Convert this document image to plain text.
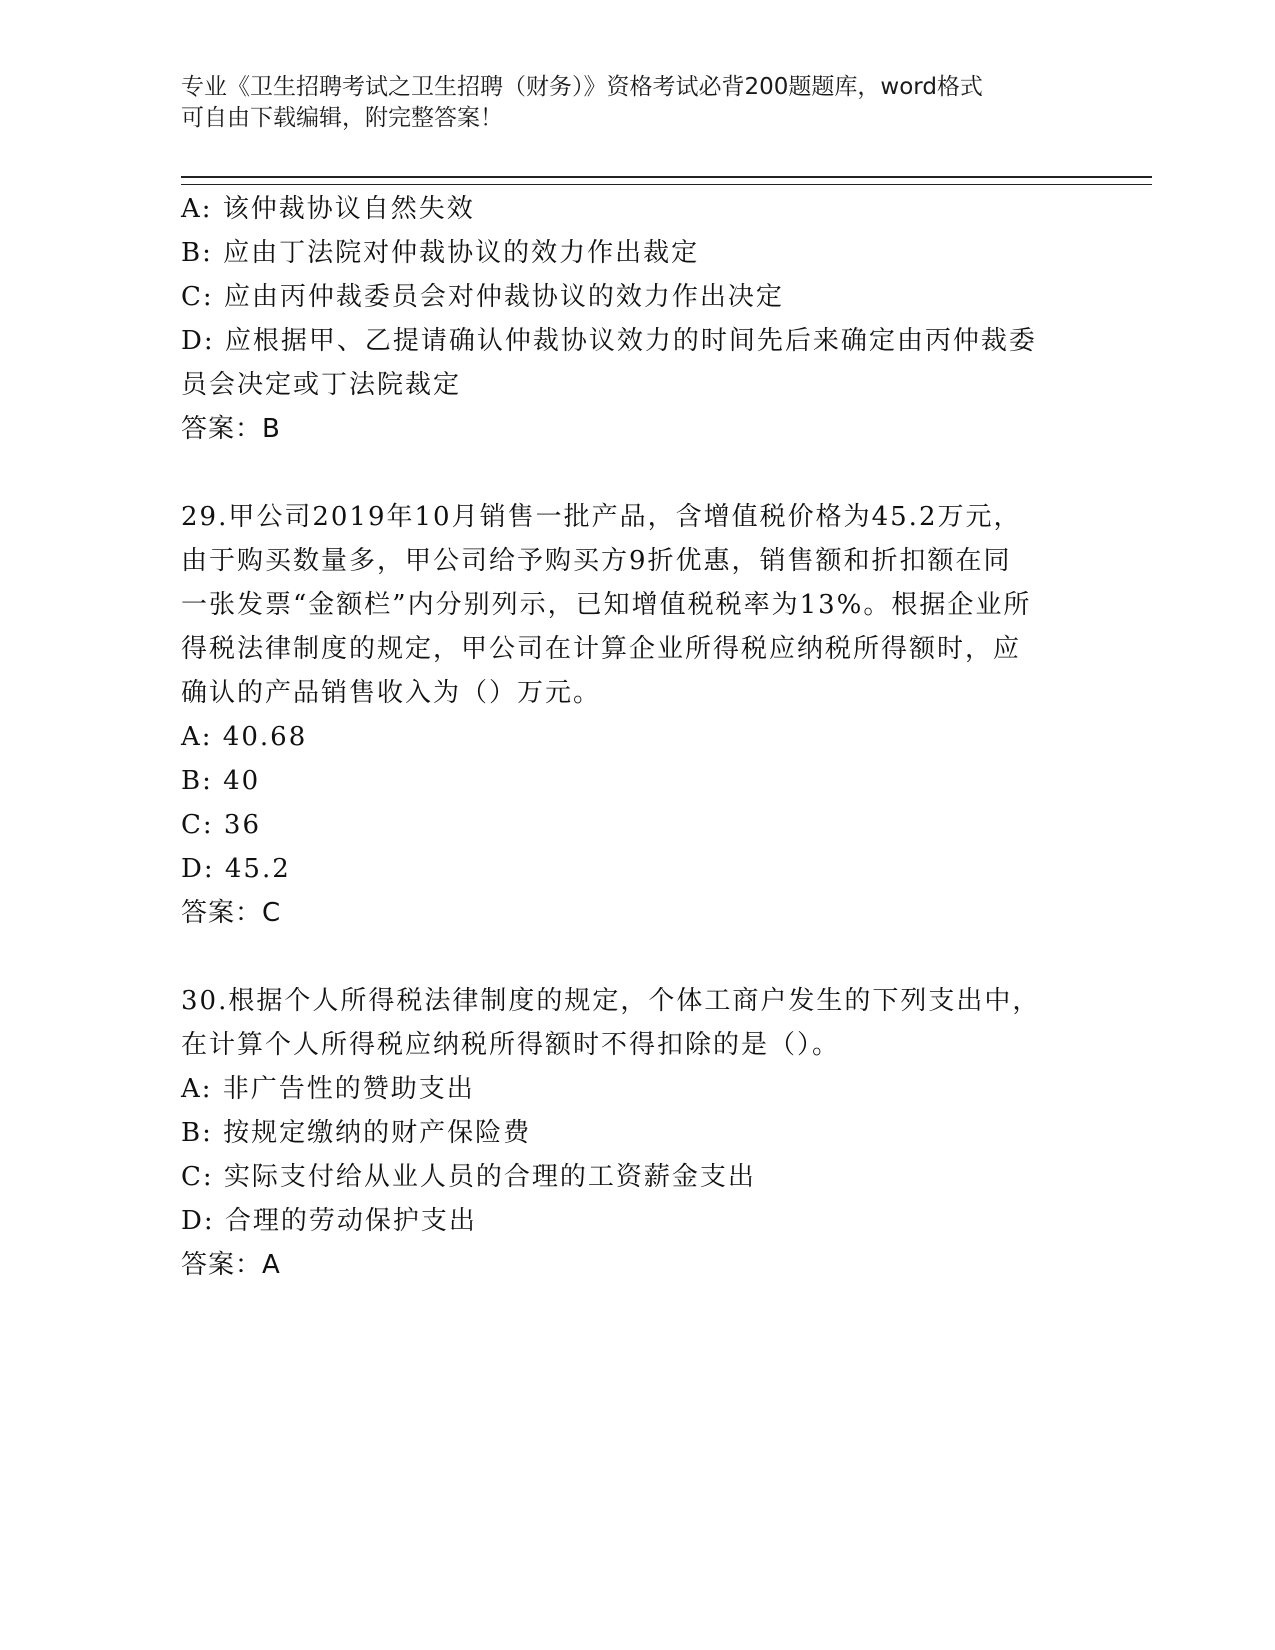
专业《卫生招聘考试之卫生招聘（财务）》资格考试必背200题题库，word格式
可自由下载编辑，附完整答案！
A: 该仲裁协议自然失效
B: 应由丁法院对仲裁协议的效力作出裁定
C: 应由丙仲裁委员会对仲裁协议的效力作出决定
D: 应根据甲、乙提请确认仲裁协议效力的时间先后来确定由丙仲裁委
员会决定或丁法院裁定
答案：B
29.甲公司2019年10月销售一批产品，含增值税价格为45.2万元，
由于购买数量多，甲公司给予购买方9折优惠，销售额和折扣额在同
一张发票“金额栏”内分别列示，已知增值税税率为13%。根据企业所
得税法律制度的规定，甲公司在计算企业所得税应纳税所得额时，应
确认的产品销售收入为（）万元。
A: 40.68
B: 40
C: 36
D: 45.2
答案：C
30.根据个人所得税法律制度的规定，个体工商户发生的下列支出中，
在计算个人所得税应纳税所得额时不得扣除的是（）。
A: 非广告性的赞助支出
B: 按规定缴纳的财产保险费
C: 实际支付给从业人员的合理的工资薪金支出
D: 合理的劳动保护支出
答案：A
